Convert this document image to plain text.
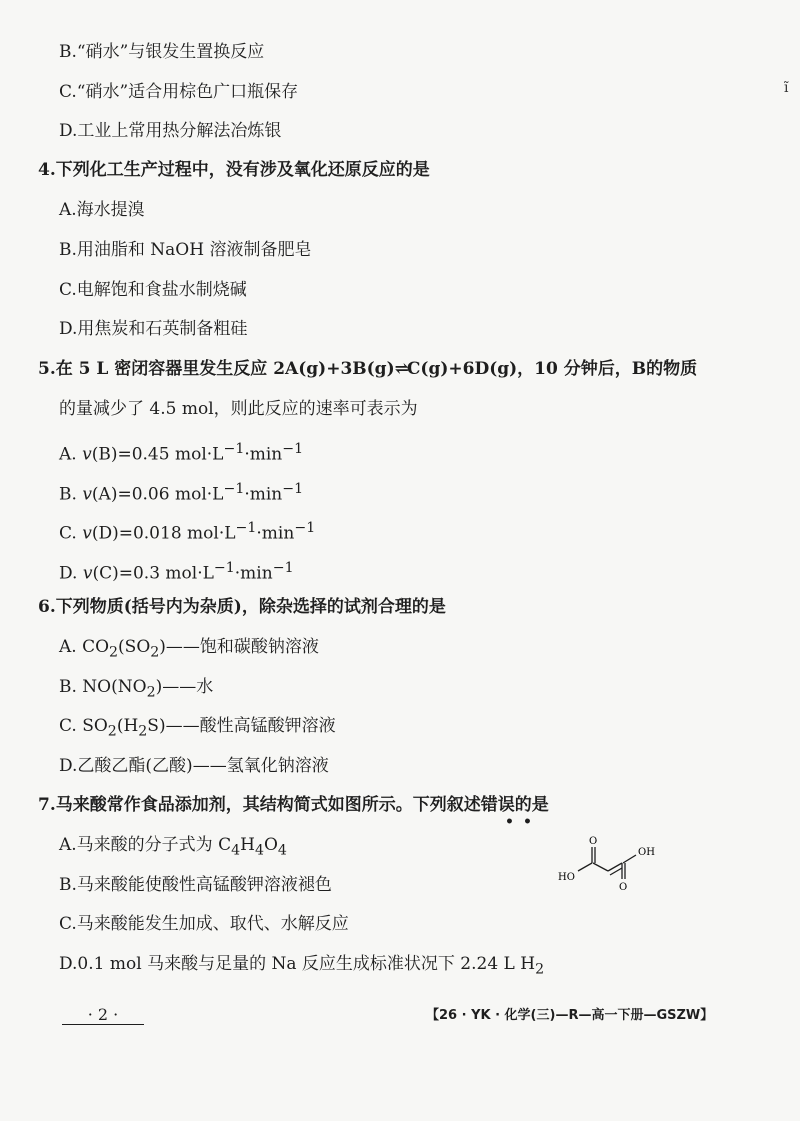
B.“硝水”与银发生置换反应
C.“硝水”适合用棕色广口瓶保存
D.工业上常用热分解法冶炼银
4.下列化工生产过程中，没有涉及氧化还原反应的是
A.海水提溴
B.用油脂和 NaOH 溶液制备肥皂
C.电解饱和食盐水制烧碱
D.用焦炭和石英制备粗硅
5.在 5 L 密闭容器里发生反应 2A(g)+3B(g)⇌C(g)+6D(g)，10 分钟后，B的物质
的量减少了 4.5 mol，则此反应的速率可表示为
A. v(B)=0.45 $mol\cdot L^{-1}\cdot\min^{-1}$
B. v(A)=0.06 $mol\cdot L^{-1}\cdot\min^{-1}$
C. v(D)=0.018 $mol\cdot L^{-1}\cdot\min^{-1}$
D. v(C)=0.3 $mol\cdot L^{-1}\cdot\min^{-1}$
6.下列物质(括号内为杂质)，除杂选择的试剂合理的是
A. $CO_2(SO_2)——$饱和碳酸钠溶液
B. $NO(NO_2)——$水
C. $SO_2(H_2S)——$酸性高锰酸钾溶液
D.乙酸乙酯(乙酸)——氢氧化钠溶液
7.马来酸常作食品添加剂，其结构简式如图所示。下列叙述错误的是
A.马来酸的分子式为 $C_4H_4O_4$
B.马来酸能使酸性高锰酸钾溶液褪色
C.马来酸能发生加成、取代、水解反应
D.0.1 mol 马来酸与足量的 Na 反应生成标准状况下 2.24 L $H_2$
ĩ
••
O
OH
HO
O
· 2 ·	【26 · YK · 化学(三)—R—高一下册—GSZW】
